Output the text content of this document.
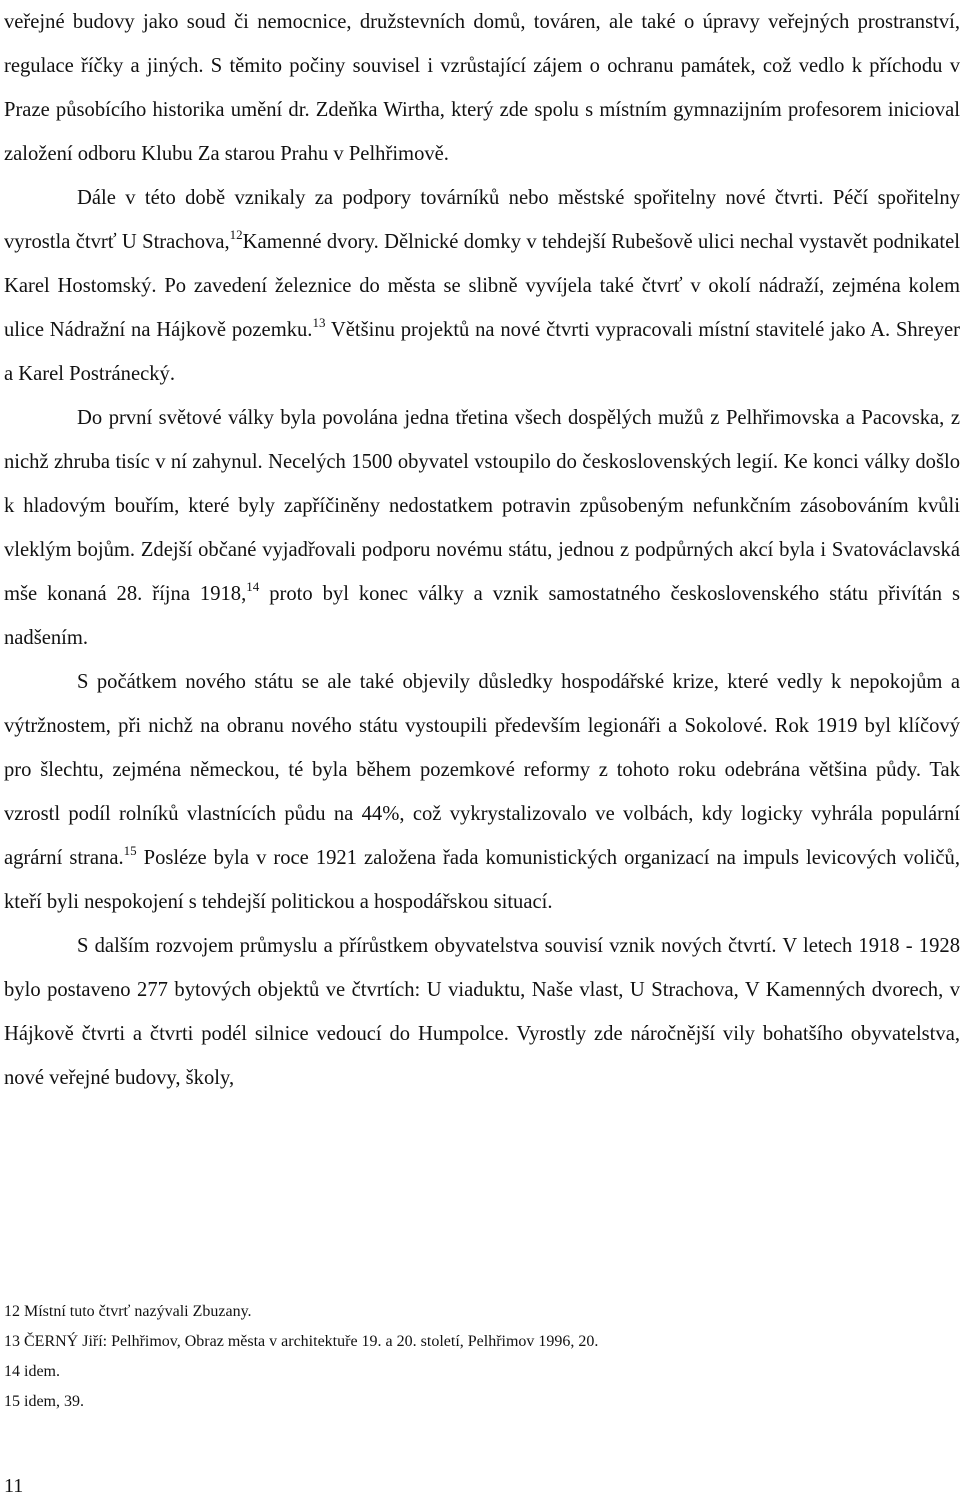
veřejné budovy jako soud či nemocnice, družstevních domů, továren, ale také o úpravy veřejných prostranství, regulace říčky a jiných. S těmito počiny souvisel i vzrůstající zájem o ochranu památek, což vedlo k příchodu v Praze působícího historika umění dr. Zdeňka Wirtha, který zde spolu s místním gymnazijním profesorem inicioval založení odboru Klubu Za starou Prahu v Pelhřimově.

Dále v této době vznikaly za podpory továrníků nebo městské spořitelny nové čtvrti. Péčí spořitelny vyrostla čtvrť U Strachova,$^{12}$Kamenné dvory. Dělnické domky v tehdejší Rubešově ulici nechal vystavět podnikatel Karel Hostomský. Po zavedení železnice do města se slibně vyvíjela také čtvrť v okolí nádraží, zejména kolem ulice Nádražní na Hájkově pozemku.$^{13}$ Většinu projektů na nové čtvrti vypracovali místní stavitelé jako A. Shreyer a Karel Postránecký.

Do první světové války byla povolána jedna třetina všech dospělých mužů z Pelhřimovska a Pacovska, z nichž zhruba tisíc v ní zahynul. Necelých 1500 obyvatel vstoupilo do československých legií. Ke konci války došlo k hladovým bouřím, které byly zapříčiněny nedostatkem potravin způsobeným nefunkčním zásobováním kvůli vleklým bojům. Zdejší občané vyjadřovali podporu novému státu, jednou z podpůrných akcí byla i Svatováclavská mše konaná 28. října 1918,14 proto byl konec války a vznik samostatného československého státu přivítán s nadšením.

S počátkem nového státu se ale také objevily důsledky hospodářské krize, které vedly k nepokojům a výtržnostem, při nichž na obranu nového státu vystoupili především legionáři a Sokolové. Rok 1919 byl klíčový pro šlechtu, zejména německou, té byla během pozemkové reformy z tohoto roku odebrána většina půdy. Tak vzrostl podíl rolníků vlastnících půdu na 44%, což vykrystalizovalo ve volbách, kdy logicky vyhrála populární agrární strana.$^{15}$ Posléze byla v roce 1921 založena řada komunistických organizací na impuls levicových voličů, kteří byli nespokojení s tehdejší politickou a hospodářskou situací.

S dalším rozvojem průmyslu a přírůstkem obyvatelstva souvisí vznik nových čtvrtí. V letech 1918 - 1928 bylo postaveno 277 bytových objektů ve čtvrtích: U viaduktu, Naše vlast, U Strachova, V Kamenných dvorech, v Hájkově čtvrti a čtvrti podél silnice vedoucí do Humpolce. Vyrostly zde náročnější vily bohatšího obyvatelstva, nové veřejné budovy, školy,

12 Místní tuto čtvrť nazývali Zbuzany.
13 ČERNÝ Jiří: Pelhřimov, Obraz města v architektuře 19. a 20. století, Pelhřimov 1996, 20.
14 idem.
15 idem, 39.
11
